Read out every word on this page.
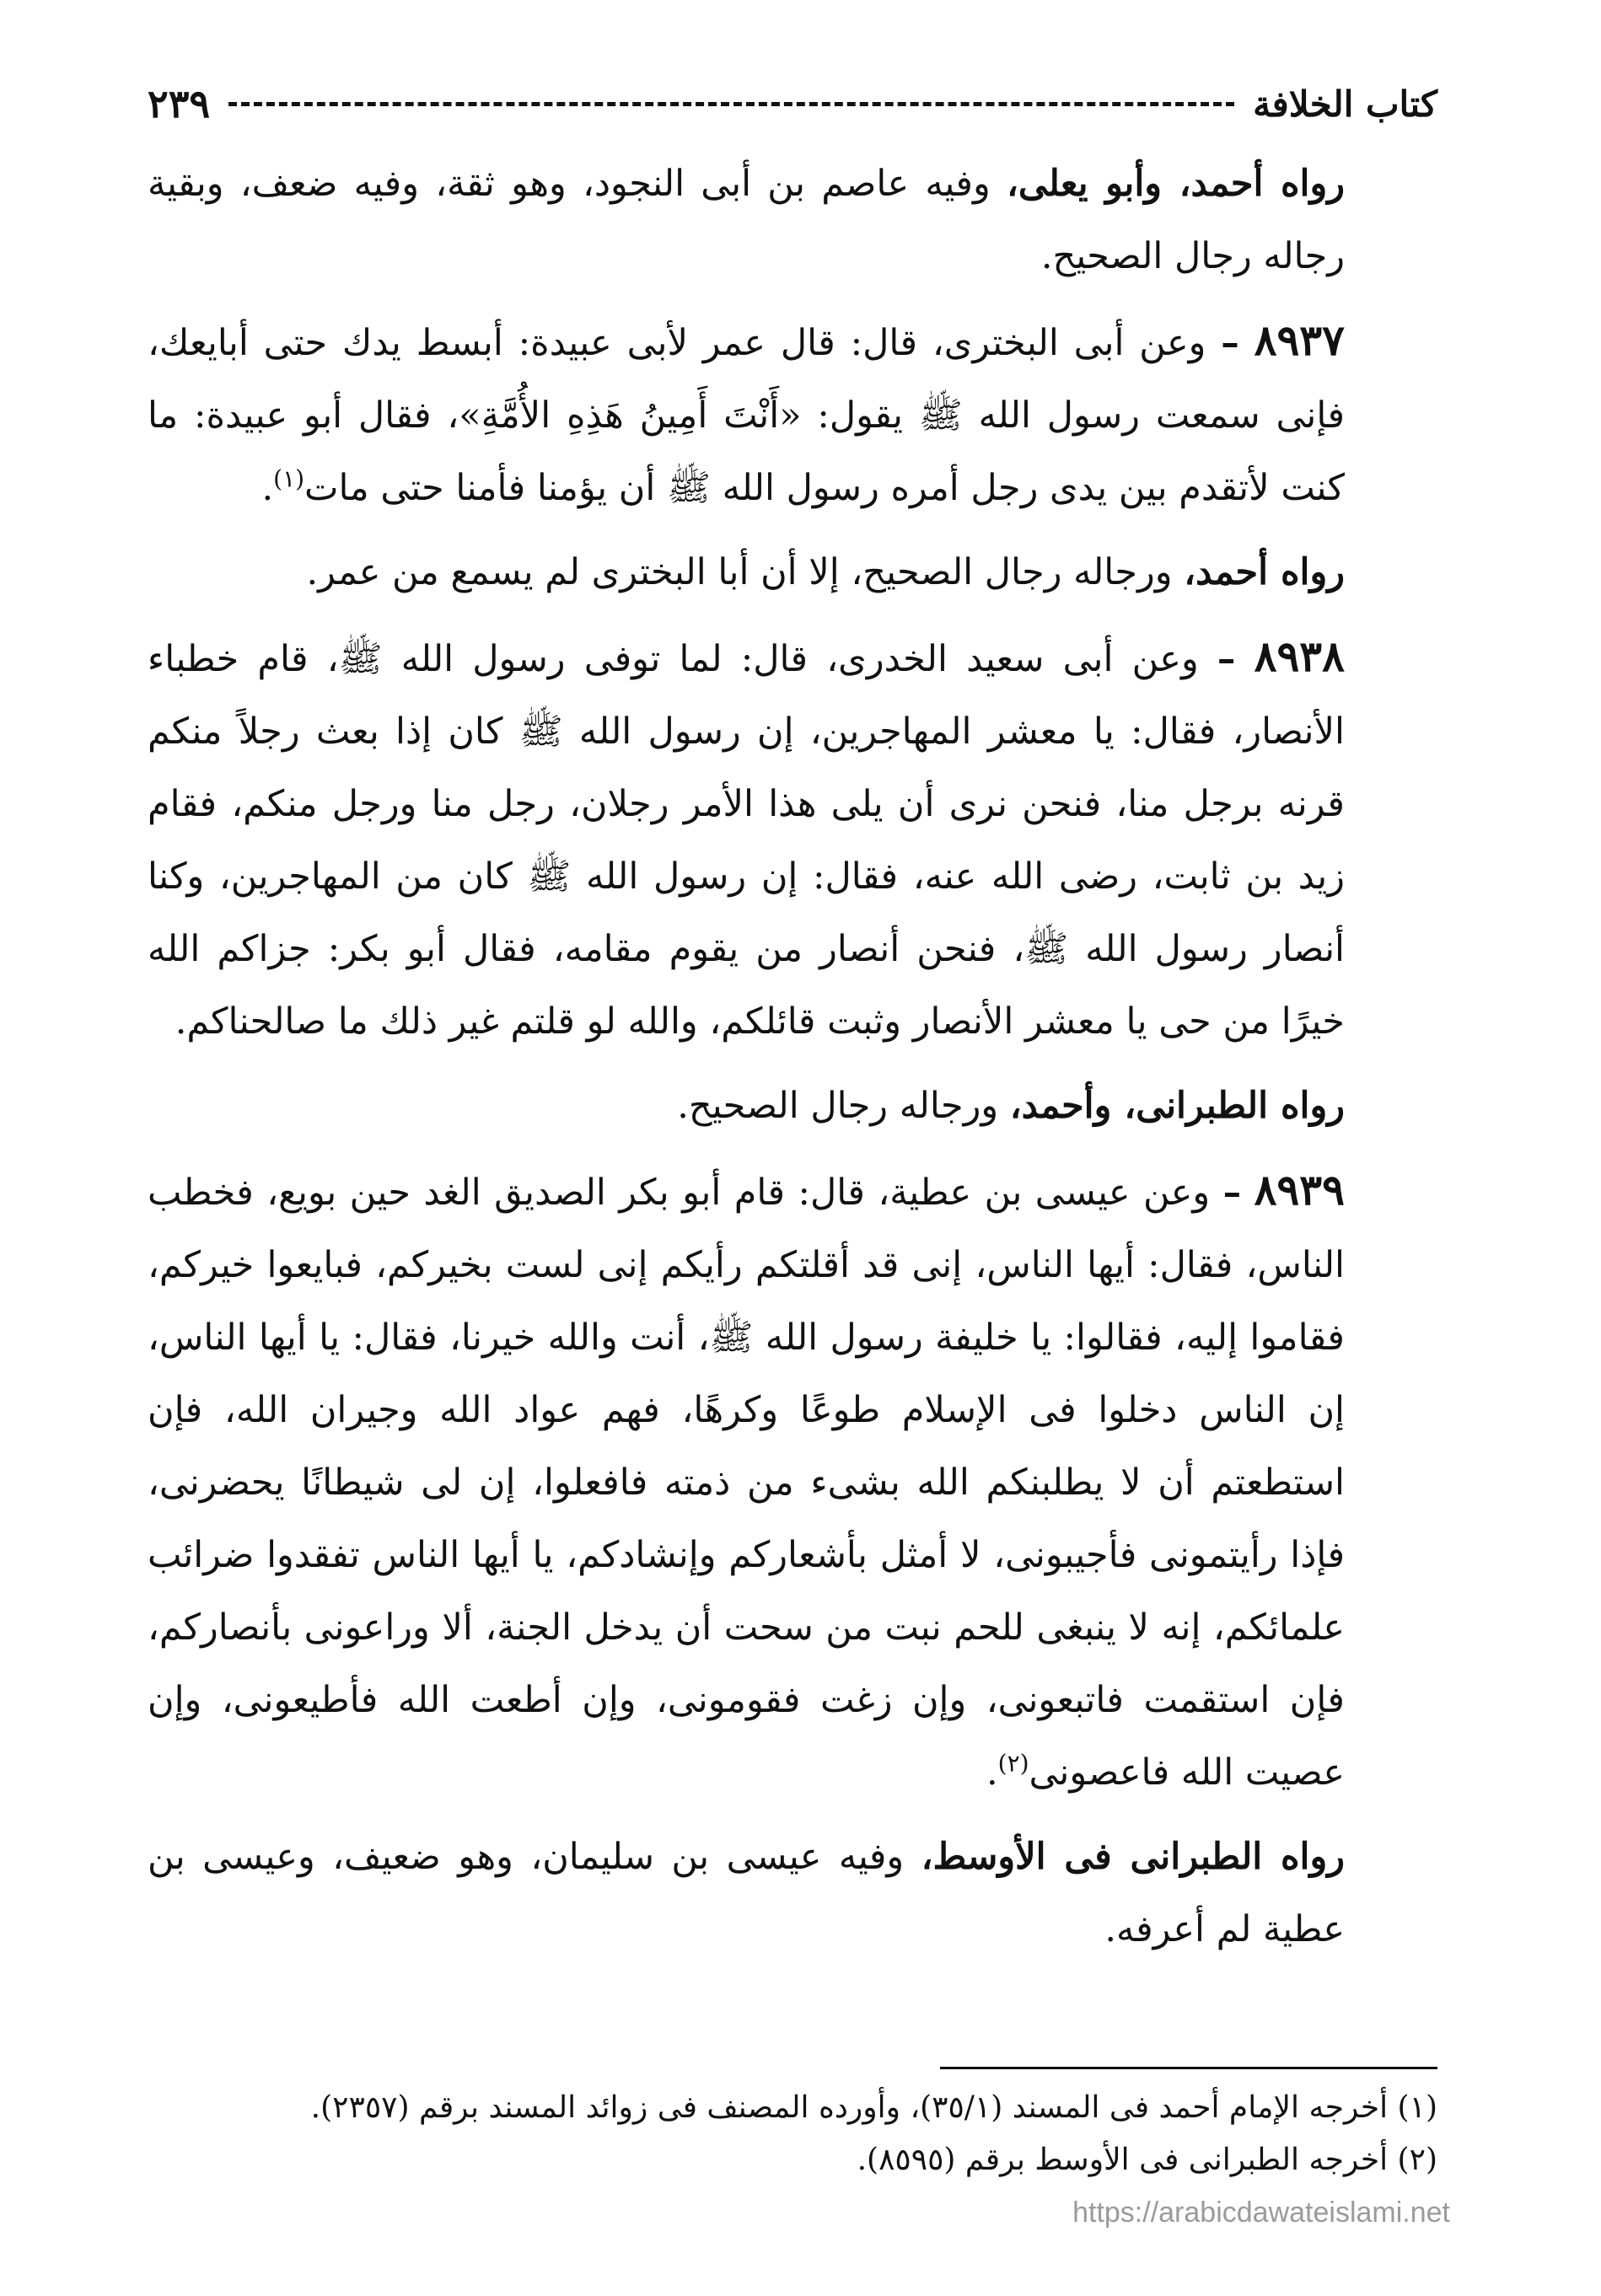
كتاب الخلافة
٢٣٩

رواه أحمد، وأبو يعلى، وفيه عاصم بن أبى النجود، وهو ثقة، وفيه ضعف، وبقية رجاله رجال الصحيح.

٨٩٣٧ – وعن أبى البخترى، قال: قال عمر لأبى عبيدة: أبسط يدك حتى أبايعك، فإنى سمعت رسول الله ﷺ يقول: «أَنْتَ أَمِينُ هَذِهِ الأُمَّةِ»، فقال أبو عبيدة: ما كنت لأتقدم بين يدى رجل أمره رسول الله ﷺ أن يؤمنا فأمنا حتى مات$^{(١)}$.

رواه أحمد، ورجاله رجال الصحيح، إلا أن أبا البخترى لم يسمع من عمر.

٨٩٣٨ – وعن أبى سعيد الخدرى، قال: لما توفى رسول الله ﷺ، قام خطباء الأنصار، فقال: يا معشر المهاجرين، إن رسول الله ﷺ كان إذا بعث رجلاً منكم قرنه برجل منا، فنحن نرى أن يلى هذا الأمر رجلان، رجل منا ورجل منكم، فقام زيد بن ثابت، رضى الله عنه، فقال: إن رسول الله ﷺ كان من المهاجرين، وكنا أنصار رسول الله ﷺ، فنحن أنصار من يقوم مقامه، فقال أبو بكر: جزاكم الله خيرًا من حى يا معشر الأنصار وثبت قائلكم، والله لو قلتم غير ذلك ما صالحناكم.

رواه الطبرانى، وأحمد، ورجاله رجال الصحيح.

٨٩٣٩ – وعن عيسى بن عطية، قال: قام أبو بكر الصديق الغد حين بويع، فخطب الناس، فقال: أيها الناس، إنى قد أقلتكم رأيكم إنى لست بخيركم، فبايعوا خيركم، فقاموا إليه، فقالوا: يا خليفة رسول الله ﷺ، أنت والله خيرنا، فقال: يا أيها الناس، إن الناس دخلوا فى الإسلام طوعًا وكرهًا، فهم عواد الله وجيران الله، فإن استطعتم أن لا يطلبنكم الله بشىء من ذمته فافعلوا، إن لى شيطانًا يحضرنى، فإذا رأيتمونى فأجيبونى، لا أمثل بأشعاركم وإنشادكم، يا أيها الناس تفقدوا ضرائب علمائكم، إنه لا ينبغى للحم نبت من سحت أن يدخل الجنة، ألا وراعونى بأنصاركم، فإن استقمت فاتبعونى، وإن زغت فقومونى، وإن أطعت الله فأطيعونى، وإن عصيت الله فاعصونى$^{(٢)}$.

رواه الطبرانى فى الأوسط، وفيه عيسى بن سليمان، وهو ضعيف، وعيسى بن عطية لم أعرفه.

(١) أخرجه الإمام أحمد فى المسند (٣٥/١)، وأورده المصنف فى زوائد المسند برقم (٢٣٥٧).

(٢) أخرجه الطبرانى فى الأوسط برقم (٨٥٩٥).

https://arabicdawateislami.net
